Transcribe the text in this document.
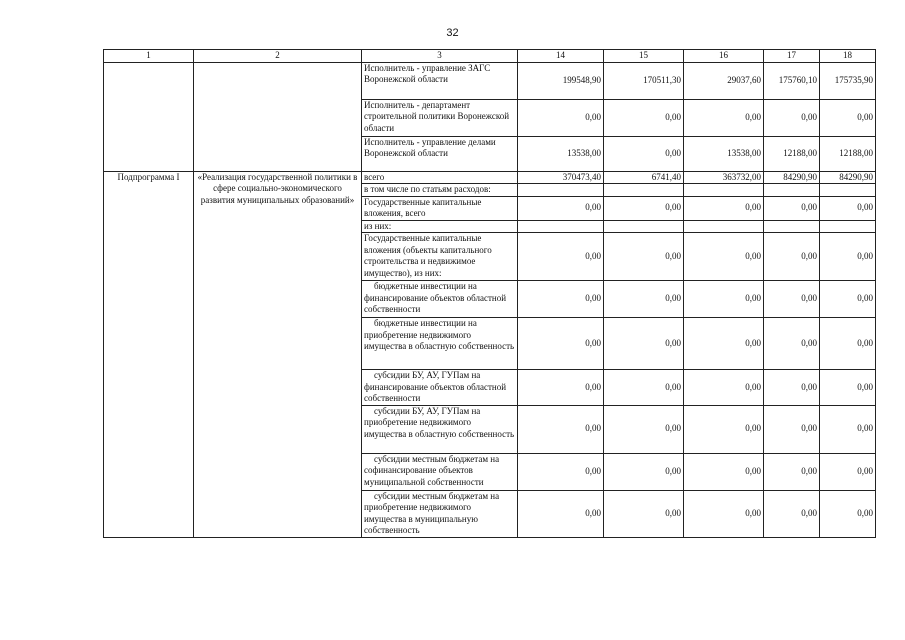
32
1	2	3	14	15	16	17	18
		Исполнитель - управление ЗАГС Воронежской области	199548,90	170511,30	29037,60	175760,10	175735,90
		Исполнитель - департамент строительной политики Воронежской области	0,00	0,00	0,00	0,00	0,00
		Исполнитель - управление делами Воронежской области	13538,00	0,00	13538,00	12188,00	12188,00
Подпрограмма I	«Реализация государственной политики в сфере социально-экономического развития муниципальных образований»	всего	370473,40	6741,40	363732,00	84290,90	84290,90
		в том числе по статьям расходов:					
		Государственные капитальные вложения, всего	0,00	0,00	0,00	0,00	0,00
		из них:					
		Государственные капитальные вложения (объекты капитального строительства и недвижимое имущество), из них:	0,00	0,00	0,00	0,00	0,00
		бюджетные инвестиции на финансирование объектов областной собственности	0,00	0,00	0,00	0,00	0,00
		бюджетные инвестиции на приобретение недвижимого имущества в областную собственность	0,00	0,00	0,00	0,00	0,00
		субсидии БУ, АУ, ГУПам на финансирование объектов областной собственности	0,00	0,00	0,00	0,00	0,00
		субсидии БУ, АУ, ГУПам на приобретение недвижимого имущества в областную собственность	0,00	0,00	0,00	0,00	0,00
		субсидии местным бюджетам на софинансирование объектов муниципальной собственности	0,00	0,00	0,00	0,00	0,00
		субсидии местным бюджетам на приобретение недвижимого имущества в муниципальную собственность	0,00	0,00	0,00	0,00	0,00
